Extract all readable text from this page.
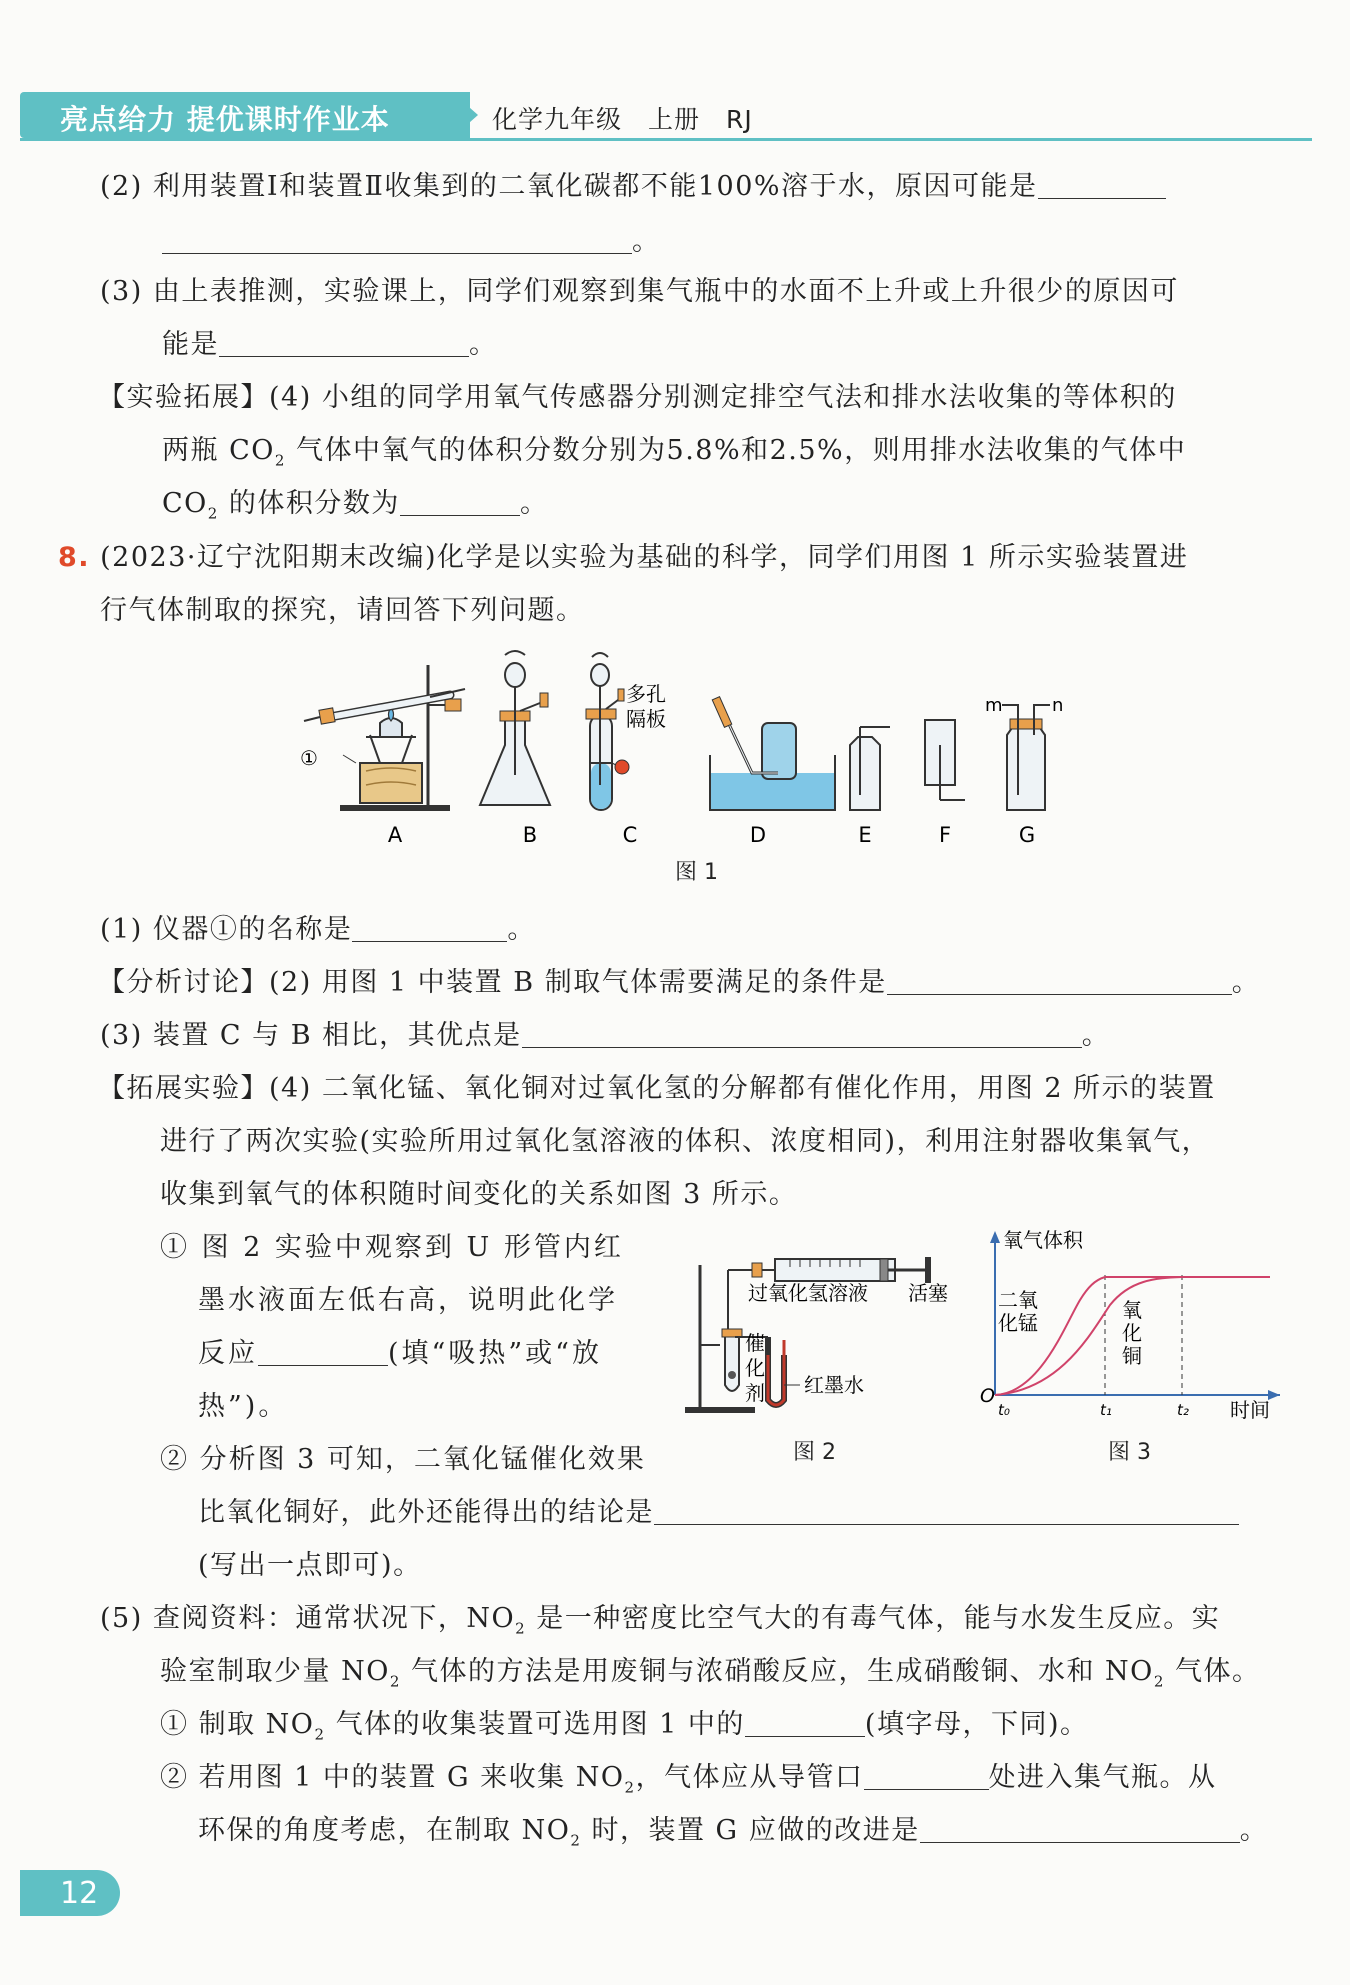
亮点给力 提优课时作业本	化学九年级　上册　RJ
(2) 利用装置Ⅰ和装置Ⅱ收集到的二氧化碳都不能100%溶于水，原因可能是
。
(3) 由上表推测，实验课上，同学们观察到集气瓶中的水面不上升或上升很少的原因可
能是	。
【实验拓展】(4) 小组的同学用氧气传感器分别测定排空气法和排水法收集的等体积的
两瓶 $CO_2$ 气体中氧气的体积分数分别为5.8%和2.5%，则用排水法收集的气体中
$CO_2$ 的体积分数为	。
8. (2023·辽宁沈阳期末改编)化学是以实验为基础的科学，同学们用图 1 所示实验装置进
行气体制取的探究，请回答下列问题。
①
多孔
隔板
m	n
A	B	C	D	E	F	G
图 1
(1) 仪器①的名称是	。
【分析讨论】(2) 用图 1 中装置 B 制取气体需要满足的条件是	。
(3) 装置 C 与 B 相比，其优点是	。
【拓展实验】(4) 二氧化锰、氧化铜对过氧化氢的分解都有催化作用，用图 2 所示的装置
进行了两次实验(实验所用过氧化氢溶液的体积、浓度相同)，利用注射器收集氧气，
收集到氧气的体积随时间变化的关系如图 3 所示。
① 图 2 实验中观察到 U 形管内红
墨水液面左低右高，说明此化学
反应	(填“吸热”或“放
热”)。
② 分析图 3 可知，二氧化锰催化效果
比氧化铜好，此外还能得出的结论是
(写出一点即可)。
过氧化氢溶液 活塞
催
化
剂 红墨水
图 2
氧气体积
二氧
化锰
氧
化
铜
O
t₀	t₁	t₂ 时间
图 3
(5) 查阅资料：通常状况下，$NO_2$ 是一种密度比空气大的有毒气体，能与水发生反应。实
验室制取少量 $NO_2$ 气体的方法是用废铜与浓硝酸反应，生成硝酸铜、水和 $NO_2$ 气体。
① 制取 $NO_2$ 气体的收集装置可选用图 1 中的	(填字母，下同)。
② 若用图 1 中的装置 G 来收集 $NO_2$，气体应从导管口	处进入集气瓶。从
环保的角度考虑，在制取 $NO_2$ 时，装置 G 应做的改进是	。
12
